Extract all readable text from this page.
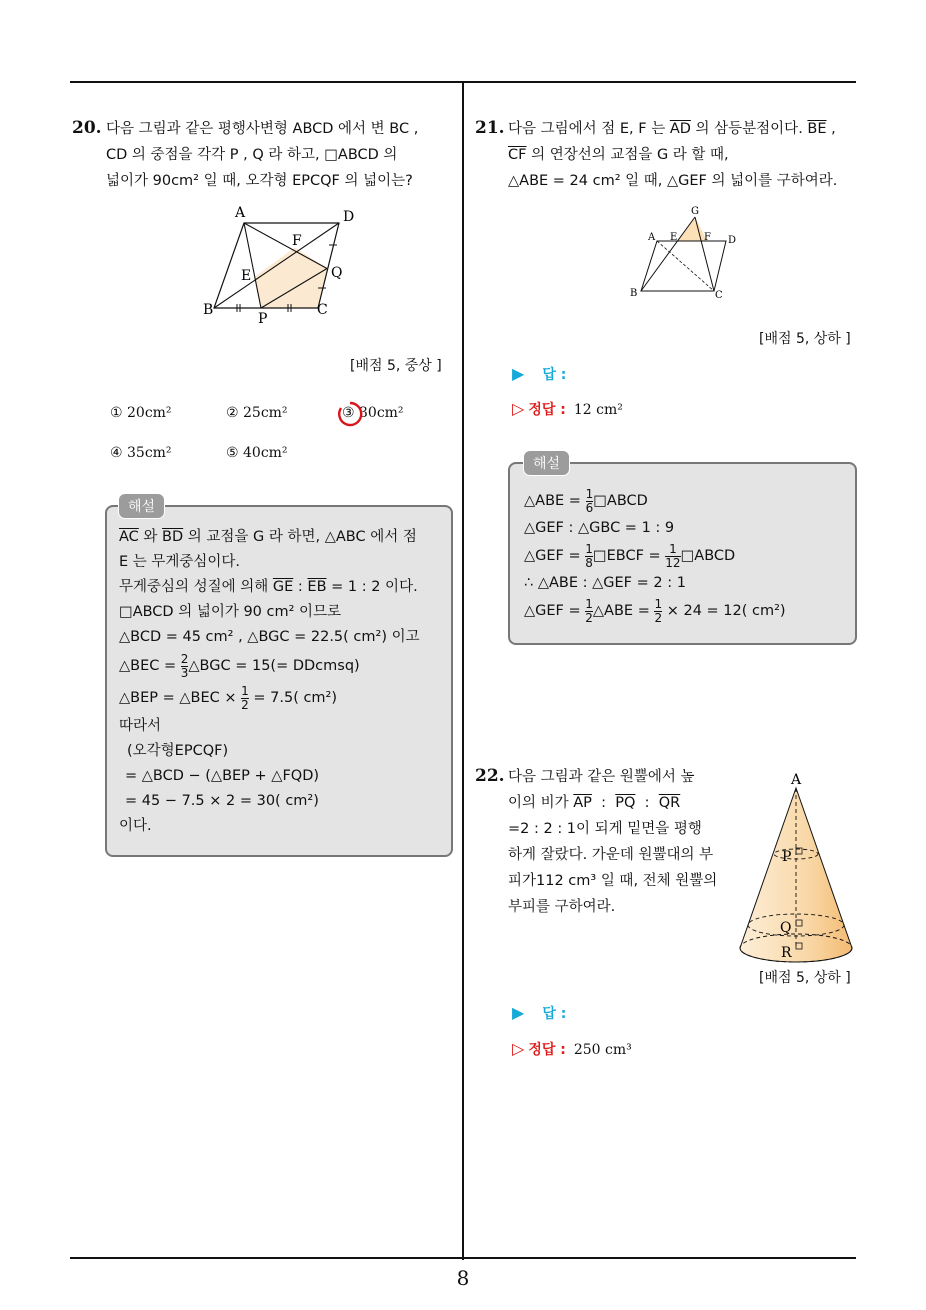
8
20. 다음 그림과 같은 평행사변형 ABCD 에서 변 BC ,
CD 의 중점을 각각 P , Q 라 하고, □ABCD 의
넓이가 90cm² 일 때, 오각형 EPCQF 의 넓이는?
A	D
F
E	Q
B
P
C
[배점 5, 중상 ]
① 20cm²	② 25cm²	③ 30cm²
④ 35cm²	⑤ 40cm²
$\overline{AC}$ 와 $\overline{BD}$ 의 교점을 G 라 하면, △ABC 에서 점
E 는 무게중심이다.
무게중심의 성질에 의해 $\overline{GE}$ : $\overline{EB} = 1$ : 2 이다.
□ABCD 의 넓이가 90 cm² 이므로
△BCD = 45 cm² , △BGC = 22.5( cm²) 이고
△BEC = $\frac{2}{3}$ △BGC = 15(= DDcmsq)
△BEP = △BEC × $\frac{1}{2} = 7.5$( cm²)
따라서
(오각형EPCQF)
= △BCD − (△BEP + △FQD)
= 45 − 7.5 × 2 = 30( cm²)
이다.
해설
21. 다음 그림에서 점 E, F 는 $\overline{AD}$ 의 삼등분점이다. $\overline{BE}$ ,
$\overline{CF}$ 의 연장선의 교점을 G 라 할 때,
△ABE = 24 cm² 일 때, △GEF 의 넓이를 구하여라.
G
A E	F D
B	C
[배점 5, 상하 ]
▶ 답 :
▷ 정답 : 12 cm²
△ABE = $\frac{1}{6}$ □ABCD
△GEF : △GBC = 1 : 9
△GEF = $\frac{1}{8}$ □EBCF = $\frac{1}{12}$ □ABCD
∴ △ABE : △GEF = 2 : 1
△GEF = $\frac{1}{2}$ △ABE = $\frac{1}{2} \times 24 = 12$( cm²)
해설
22. 다음 그림과 같은 원뿔에서 높
이의 비가 $\overline{AP}$  :  $\overline{PQ}$  :  $\overline{QR}$
=2 : 2 : 1이 되게 밑면을 평행
하게 잘랐다. 가운데 원뿔대의 부
피가112 cm³ 일 때, 전체 원뿔의
부피를 구하여라.
A
P
Q
R
[배점 5, 상하 ]
▶ 답 :
▷ 정답 : 250 cm³
